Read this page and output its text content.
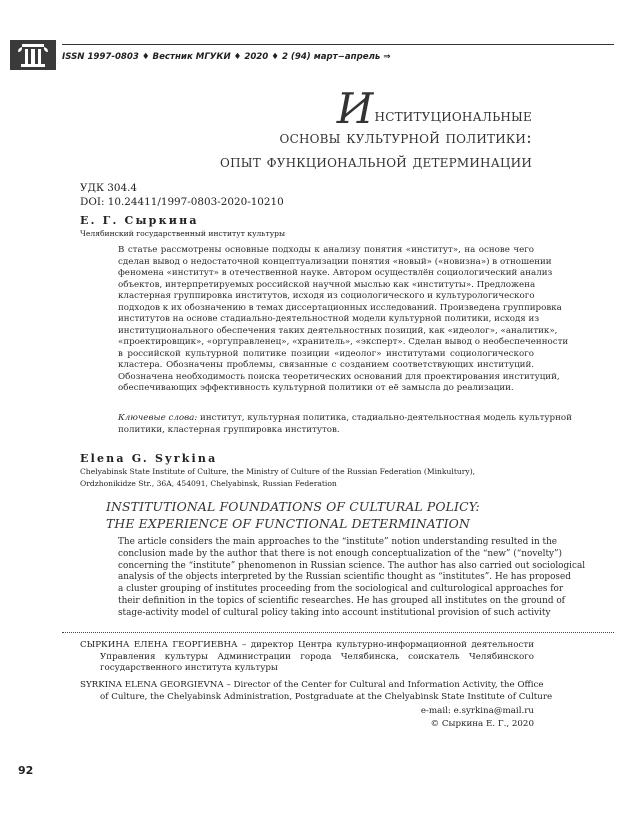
ISSN 1997-0803 ♦ Вестник МГУКИ ♦ 2020 ♦ 2 (94) март−апрель ⇒
Институциональные
основы культурной политики:
опыт функциональной детерминации
УДК 304.4
DOI: 10.24411/1997-0803-2020-10210
Е. Г. Сыркина
Челябинский государственный институт культуры
В статье рассмотрены основные подходы к анализу понятия «институт», на основе чего
сделан вывод о недостаточной концептуализации понятия «новый» («новизна») в отношении
феномена «институт» в отечественной науке. Автором осуществлён социологический анализ
объектов, интерпретируемых российской научной мыслью как «институты». Предложена
кластерная группировка институтов, исходя из социологического и культурологического
подходов к их обозначению в темах диссертационных исследований. Произведена группировка
институтов на основе стадиально-деятельностной модели культурной политики, исходя из
институционального обеспечения таких деятельностных позиций, как «идеолог», «аналитик»,
«проектировщик», «оргуправленец», «хранитель», «эксперт». Сделан вывод о необеспеченности
в российской культурной политике позиции «идеолог» институтами социологического
кластера. Обозначены проблемы, связанные с созданием соответствующих институций.
Обозначена необходимость поиска теоретических оснований для проектирования институций,
обеспечивающих эффективность культурной политики от её замысла до реализации.
Ключевые слова: институт, культурная политика, стадиально-деятельностная модель культурной
политики, кластерная группировка институтов.
Elena G. Syrkina
Chelyabinsk State Institute of Culture, the Ministry of Culture of the Russian Federation (Minkultury),
Ordzhonikidze Str., 36A, 454091, Chelyabinsk, Russian Federation
INSTITUTIONAL FOUNDATIONS OF CULTURAL POLICY:
THE EXPERIENCE OF FUNCTIONAL DETERMINATION
The article considers the main approaches to the “institute” notion understanding resulted in the
conclusion made by the author that there is not enough conceptualization of the “new” (“novelty”)
concerning the “institute” phenomenon in Russian science. The author has also carried out sociological
analysis of the objects interpreted by the Russian scientific thought as “institutes”. He has proposed
a cluster grouping of institutes proceeding from the sociological and culturological approaches for
their definition in the topics of scientific researches. He has grouped all institutes on the ground of
stage-activity model of cultural policy taking into account institutional provision of such activity
СЫРКИНА ЕЛЕНА ГЕОРГИЕВНА – директор Центра культурно-информационной деятельности
Управления культуры Администрации города Челябинска, соискатель Челябинского
государственного института культуры
SYRKINA ELENA GEORGIEVNA – Director of the Center for Cultural and Information Activity, the Office
of Culture, the Chelyabinsk Administration, Postgraduate at the Chelyabinsk State Institute of Culture
e-mail: e.syrkina@mail.ru
© Сыркина Е. Г., 2020
92
